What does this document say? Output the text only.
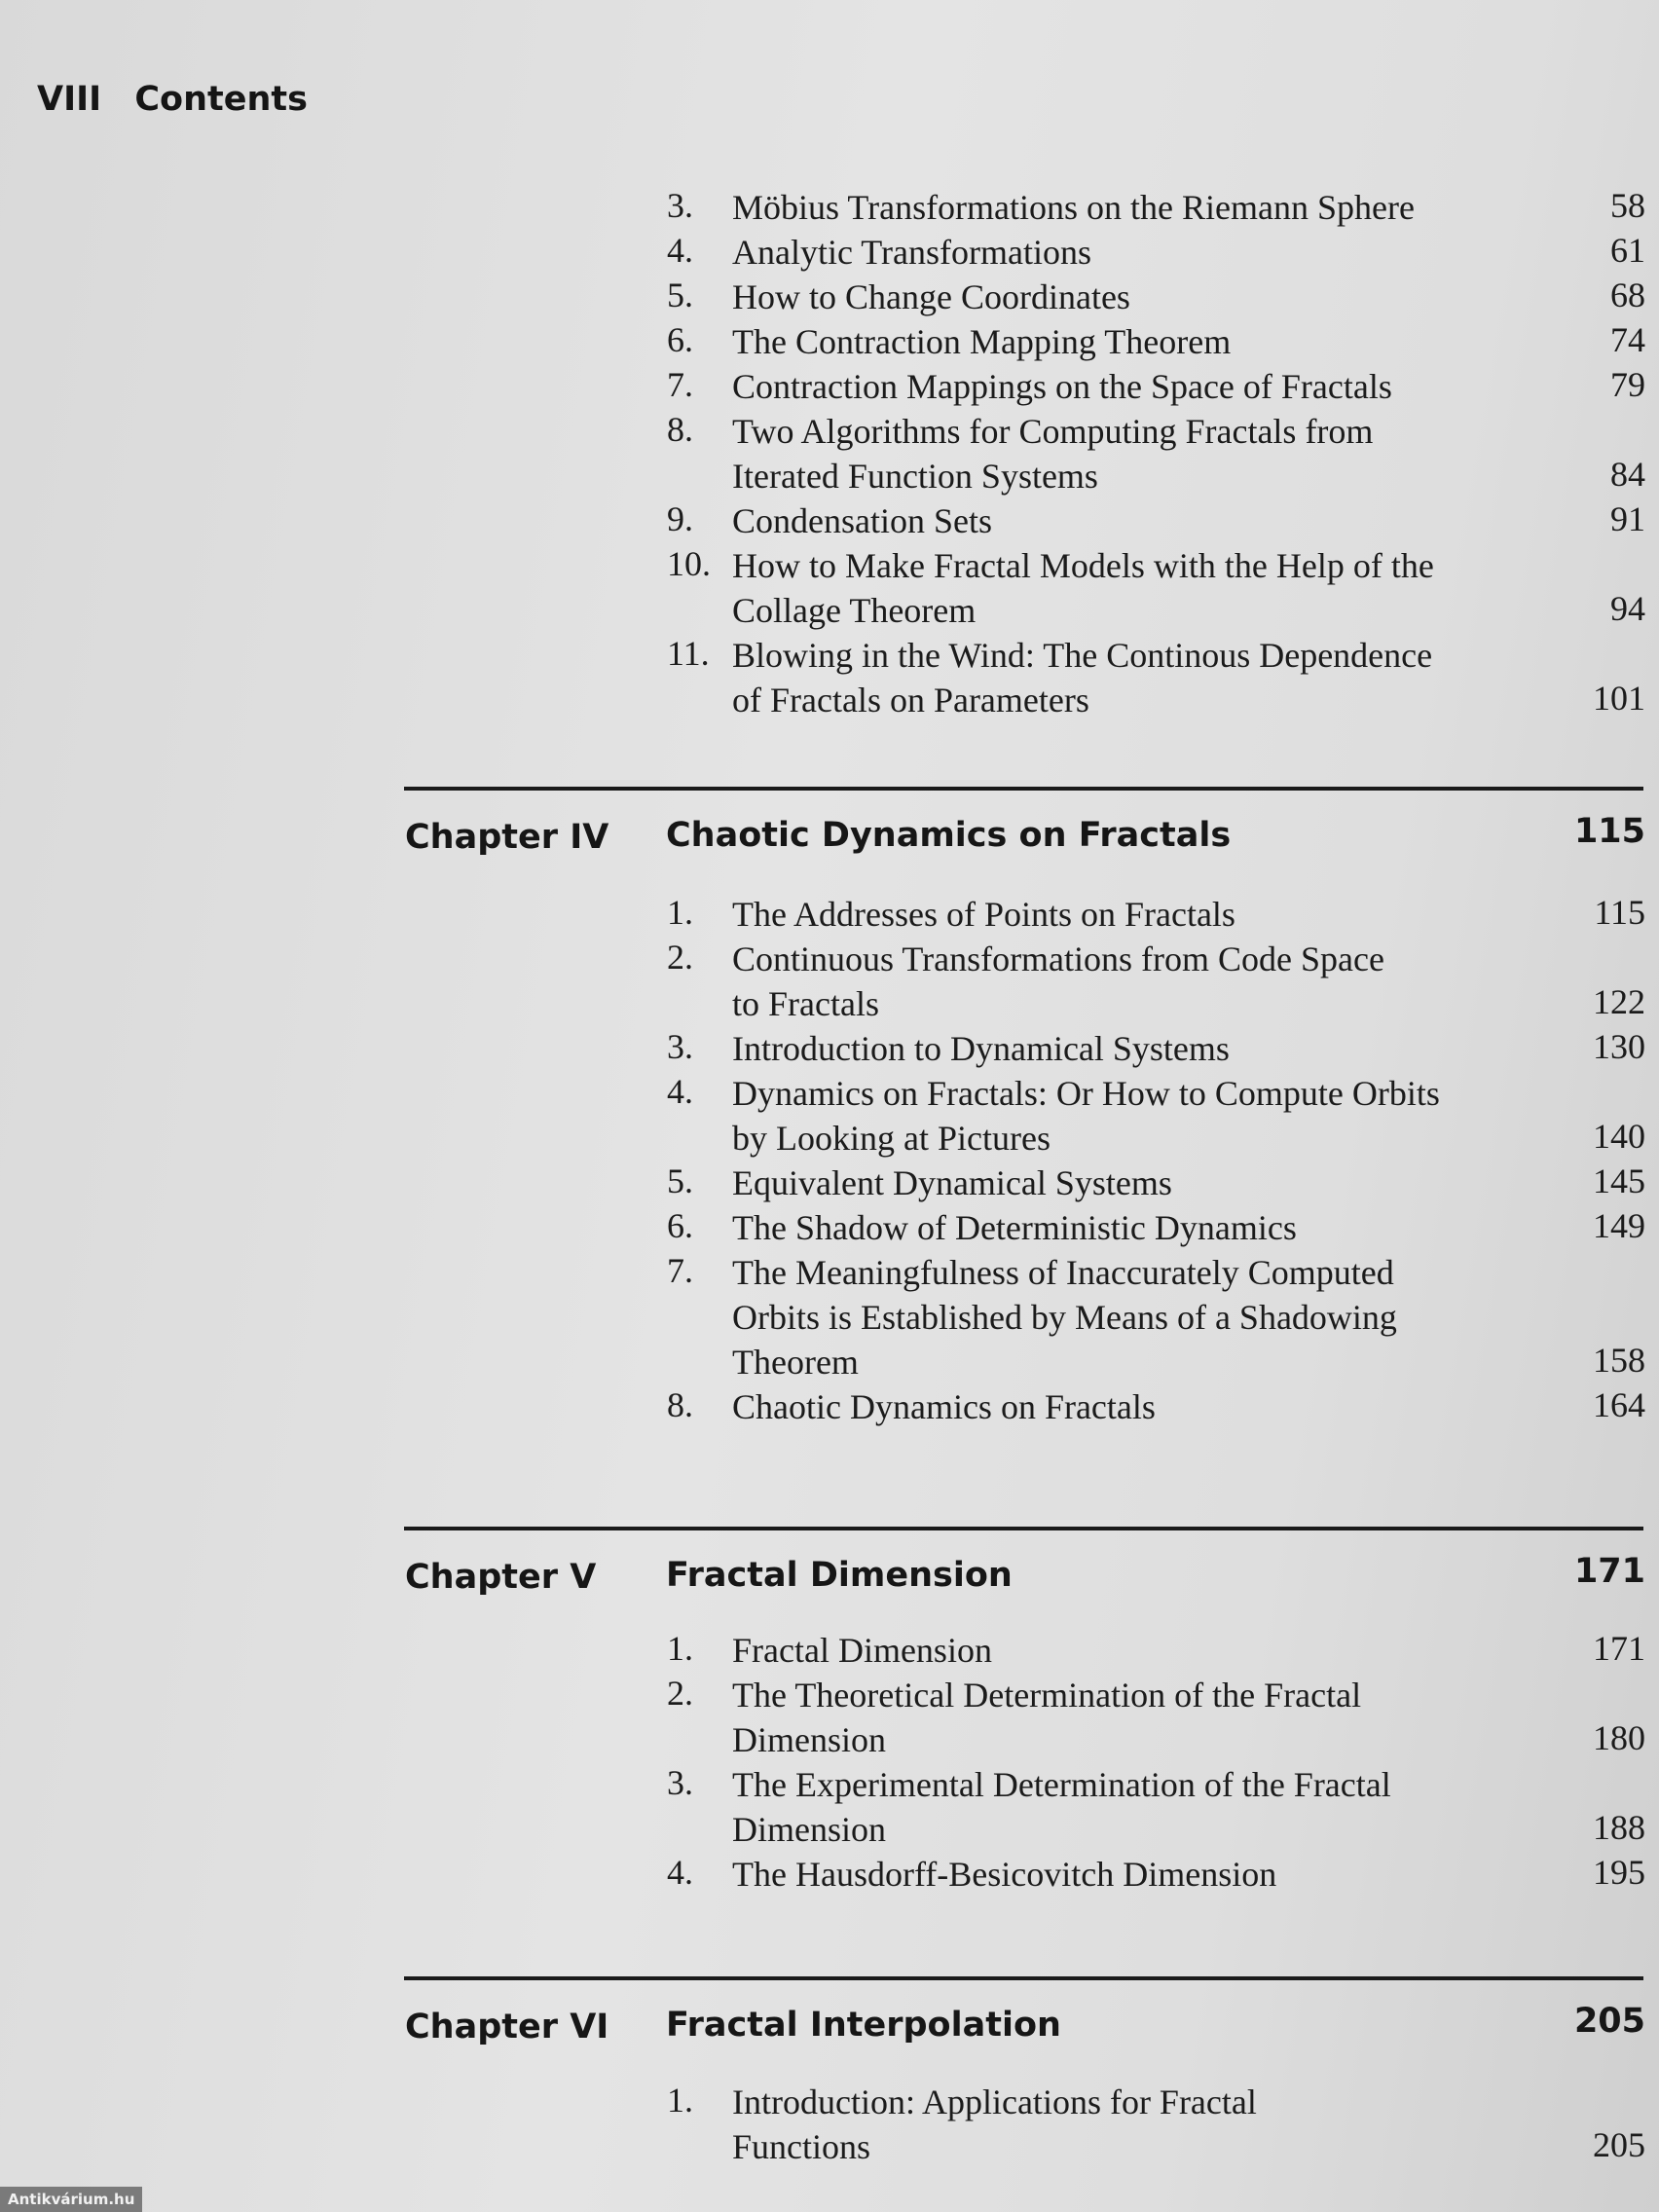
VIII Contents
3.	Möbius Transformations on the Riemann Sphere	58
4.	Analytic Transformations	61
5.	How to Change Coordinates	68
6.	The Contraction Mapping Theorem	74
7.	Contraction Mappings on the Space of Fractals	79
8.	Two Algorithms for Computing Fractals from
Iterated Function Systems	84
9.	Condensation Sets	91
10. How to Make Fractal Models with the Help of the
Collage Theorem	94
11. Blowing in the Wind: The Continous Dependence
of Fractals on Parameters	101
Chapter IV Chaotic Dynamics on Fractals	115
1.	The Addresses of Points on Fractals	115
2.	Continuous Transformations from Code Space
to Fractals	122
3.	Introduction to Dynamical Systems	130
4.	Dynamics on Fractals: Or How to Compute Orbits
by Looking at Pictures	140
5.	Equivalent Dynamical Systems	145
6.	The Shadow of Deterministic Dynamics	149
7.	The Meaningfulness of Inaccurately Computed
Orbits is Established by Means of a Shadowing
Theorem	158
8.	Chaotic Dynamics on Fractals	164
Chapter V Fractal Dimension	171
1.	Fractal Dimension	171
2.	The Theoretical Determination of the Fractal
Dimension	180
3.	The Experimental Determination of the Fractal
Dimension	188
4.	The Hausdorff-Besicovitch Dimension	195
Chapter VI Fractal Interpolation	205
1.	Introduction: Applications for Fractal
Functions	205
Antikvárium.hu
